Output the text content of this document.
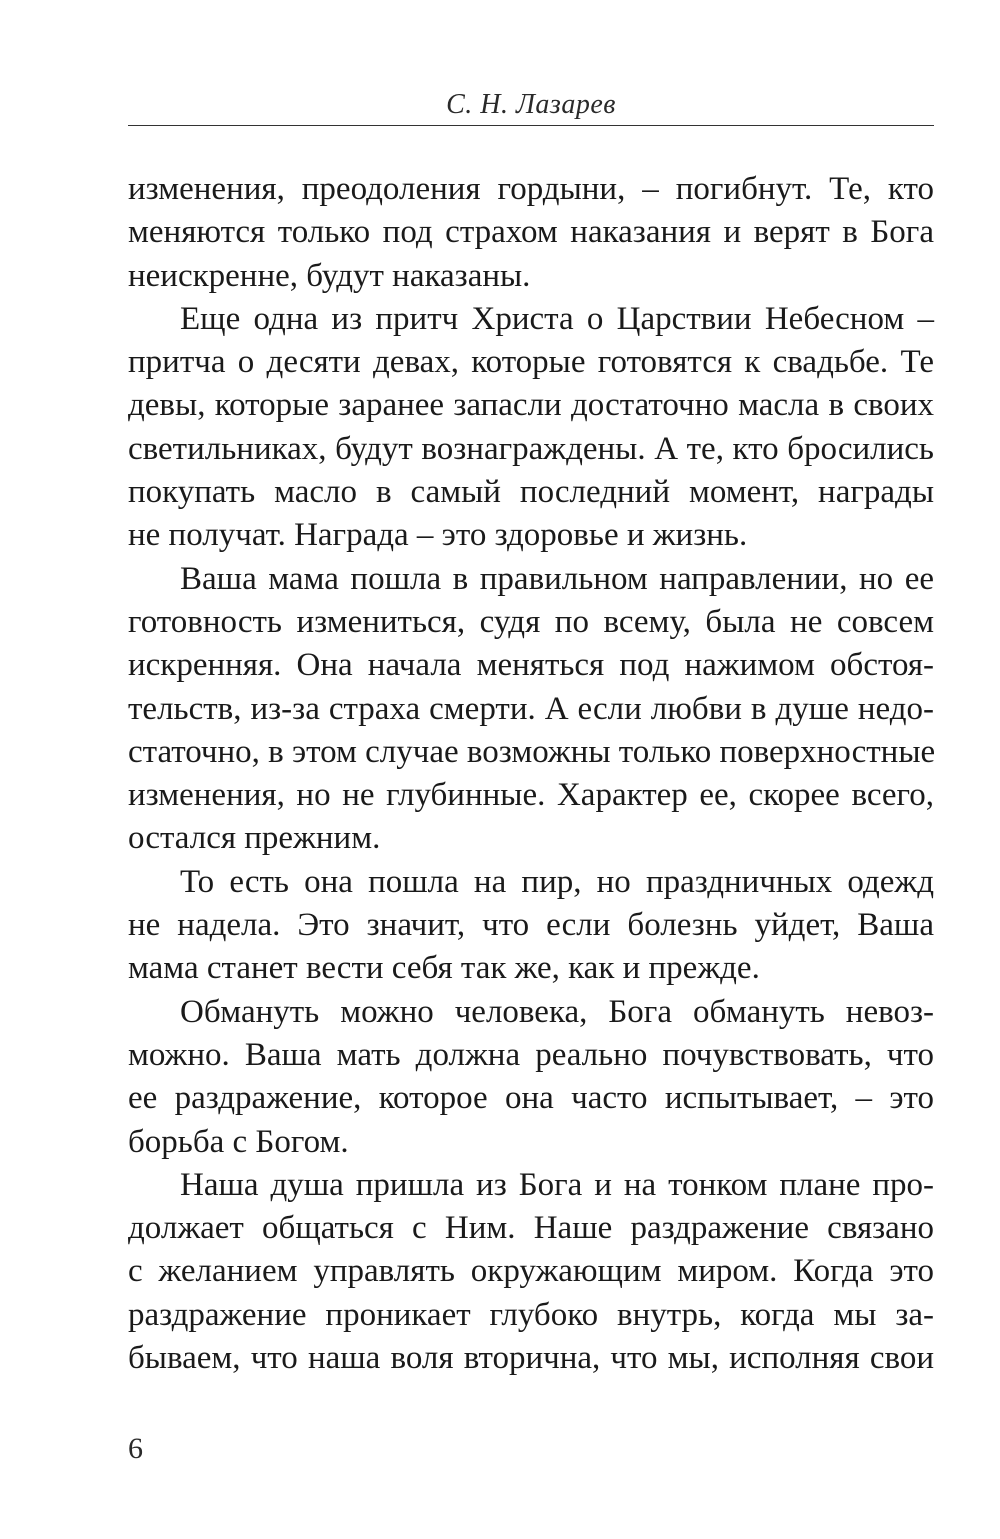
С. Н. Лазарев
изменения, преодоления гордыни, – погибнут. Те, кто
меняются только под страхом наказания и верят в Бога
неискренне, будут наказаны.
Еще одна из притч Христа о Царствии Небесном –
притча о десяти девах, которые готовятся к свадьбе. Те
девы, которые заранее запасли достаточно масла в своих
светильниках, будут вознаграждены. А те, кто бросились
покупать масло в самый последний момент, награды
не получат. Награда – это здоровье и жизнь.
Ваша мама пошла в правильном направлении, но ее
готовность измениться, судя по всему, была не совсем
искренняя. Она начала меняться под нажимом обстоя-
тельств, из-за страха смерти. А если любви в душе недо-
статочно, в этом случае возможны только поверхностные
изменения, но не глубинные. Характер ее, скорее всего,
остался прежним.
То есть она пошла на пир, но праздничных одежд
не надела. Это значит, что если болезнь уйдет, Ваша
мама станет вести себя так же, как и прежде.
Обмануть можно человека, Бога обмануть невоз-
можно. Ваша мать должна реально почувствовать, что
ее раздражение, которое она часто испытывает, – это
борьба с Богом.
Наша душа пришла из Бога и на тонком плане про-
должает общаться с Ним. Наше раздражение связано
с желанием управлять окружающим миром. Когда это
раздражение проникает глубоко внутрь, когда мы за-
бываем, что наша воля вторична, что мы, исполняя свои
6
